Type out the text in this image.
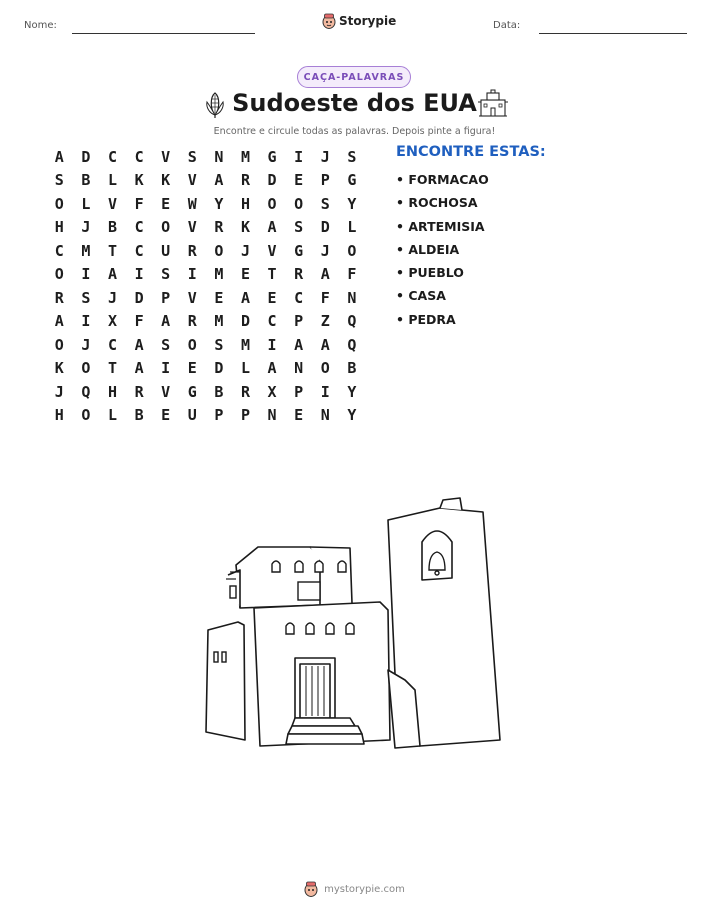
Nome:	Data:
Storypie
CAÇA-PALAVRAS
Sudoeste dos EUA
Encontre e circule todas as palavras. Depois pinte a figura!
A	D	C	C	V	S	N	M	G	I	J	S
S	B	L	K	K	V	A	R	D	E	P	G
O	L	V	F	E	W	Y	H	O	O	S	Y
H	J	B	C	O	V	R	K	A	S	D	L
C	M	T	C	U	R	O	J	V	G	J	O
O	I	A	I	S	I	M	E	T	R	A	F
R	S	J	D	P	V	E	A	E	C	F	N
A	I	X	F	A	R	M	D	C	P	Z	Q
O	J	C	A	S	O	S	M	I	A	A	Q
K	O	T	A	I	E	D	L	A	N	O	B
J	Q	H	R	V	G	B	R	X	P	I	Y
H	O	L	B	E	U	P	P	N	E	N	Y
ENCONTRE ESTAS:
• FORMACAO
• ROCHOSA
• ARTEMISIA
• ALDEIA
• PUEBLO
• CASA
• PEDRA
mystorypie.com
